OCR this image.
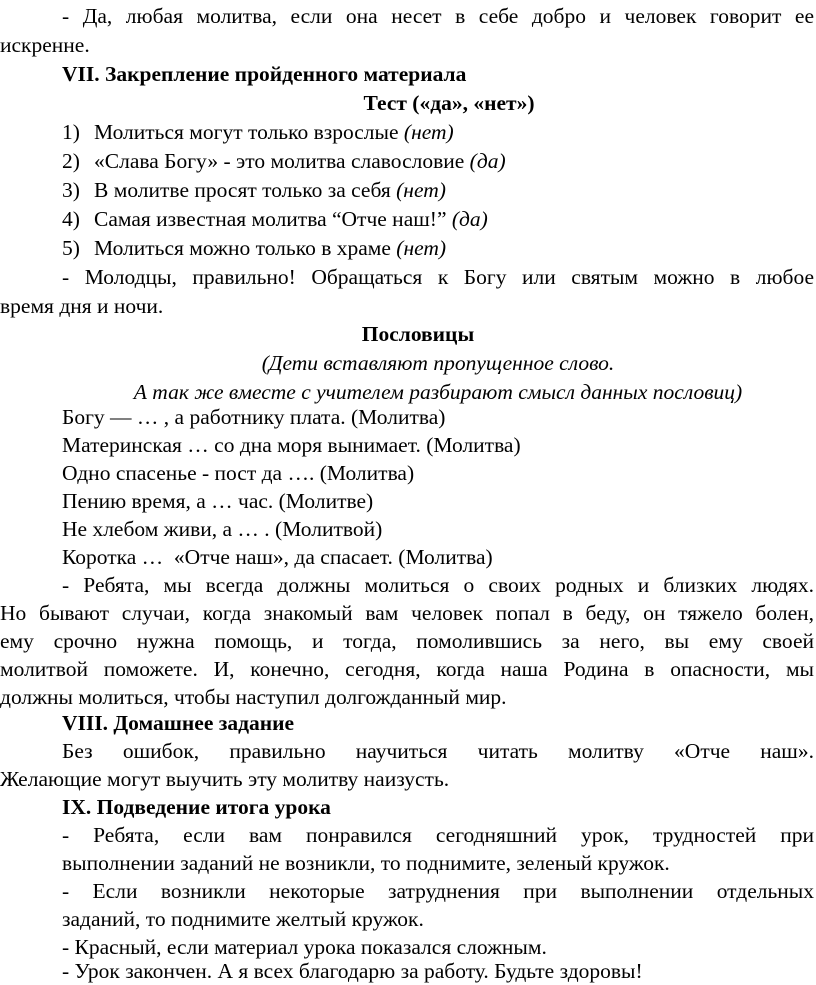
- Да, любая молитва, если она несет в себе добро и человек говорит ее
искренне.
VII. Закрепление пройденного материала
Тест («да», «нет»)
1) Молиться могут только взрослые (нет)
2) «Слава Богу» - это молитва славословие (да)
3) В молитве просят только за себя (нет)
4) Самая известная молитва “Отче наш!” (да)
5) Молиться можно только в храме (нет)
- Молодцы, правильно! Обращаться к Богу или святым можно в любое
время дня и ночи.
Пословицы
(Дети вставляют пропущенное слово.
А так же вместе с учителем разбирают смысл данных пословиц)
Богу — … , а работнику плата. (Молитва)
Материнская … со дна моря вынимает. (Молитва)
Одно спасенье - пост да …. (Молитва)
Пению время, а … час. (Молитве)
Не хлебом живи, а … . (Молитвой)
Коротка …  «Отче наш», да спасает. (Молитва)
- Ребята, мы всегда должны молиться о своих родных и близких людях.
Но бывают случаи, когда знакомый вам человек попал в беду, он тяжело болен,
ему срочно нужна помощь, и тогда, помолившись за него, вы ему своей
молитвой поможете. И, конечно, сегодня, когда наша Родина в опасности, мы
должны молиться, чтобы наступил долгожданный мир.
VIII. Домашнее задание
Без ошибок, правильно научиться читать молитву «Отче наш».
Желающие могут выучить эту молитву наизусть.
IX. Подведение итога урока
- Ребята, если вам понравился сегодняшний урок, трудностей при
выполнении заданий не возникли, то поднимите, зеленый кружок.
- Если возникли некоторые затруднения при выполнении отдельных
заданий, то поднимите желтый кружок.
- Красный, если материал урока показался сложным.
- Урок закончен. А я всех благодарю за работу. Будьте здоровы!
